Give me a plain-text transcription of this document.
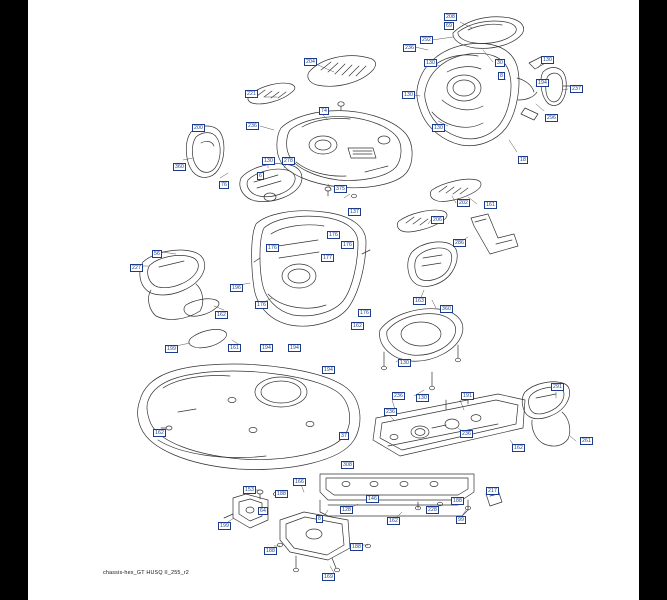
chassis-hex_GT HUSQ II_255_r2
208
69
292
236
30	130
130
8
194
237
204
130
296
130
221
74
200	236
18
360
130	278
76
6
375
137
161
202
206
176
286
177
176
176
56
227
196
176
176
163
360
162
162
199	161	194	194
130
194
130
236
236
191
291
236
261
162
162
37
308
166
153
188	217
146	188
228
128
8	162	99
64
199
188
188
169
